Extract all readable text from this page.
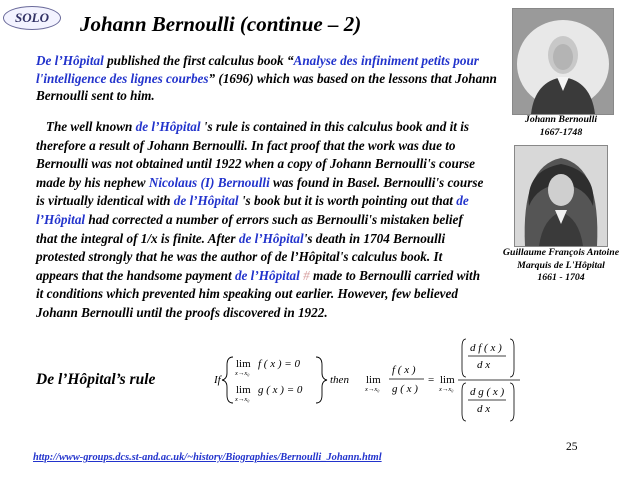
SOLO	Johann Bernoulli (continue – 2)
De l’Hôpital published the first calculus book “Analyse des infiniment petits pour l'intelligence des lignes courbes” (1696) which was based on the lessons that Johann Bernoulli sent to him.
The well known de l’Hôpital 's rule is contained in this calculus book and it is therefore a result of Johann Bernoulli. In fact proof that the work was due to Bernoulli was not obtained until 1922 when a copy of Johann Bernoulli's course made by his nephew Nicolaus (I) Bernoulli was found in Basel. Bernoulli's course is virtually identical with de l’Hôpital 's book but it is worth pointing out that de l’Hôpital had corrected a number of errors such as Bernoulli's mistaken belief that the integral of 1/x is finite. After de l’Hôpital's death in 1704 Bernoulli protested strongly that he was the author of de l’Hôpital's calculus book. It appears that the handsome payment de l’Hôpital # made to Bernoulli carried with it conditions which prevented him speaking out earlier. However, few believed Johann Bernoulli until the proofs discovered in 1922.
Johann Bernoulli
1667-1748
Guillaume François Antoine
Marquis de L'Hôpital
1661 - 1704
De l’Hôpital’s rule	If
lim
x→x₀
f ( x ) = 0
lim
x→x₀
g ( x ) = 0
then lim
x→x₀
f ( x )
g ( x )
= lim
x→x₀
d f ( x )
d x
d g ( x )
d x
25
http://www-groups.dcs.st-and.ac.uk/~history/Biographies/Bernoulli_Johann.html
